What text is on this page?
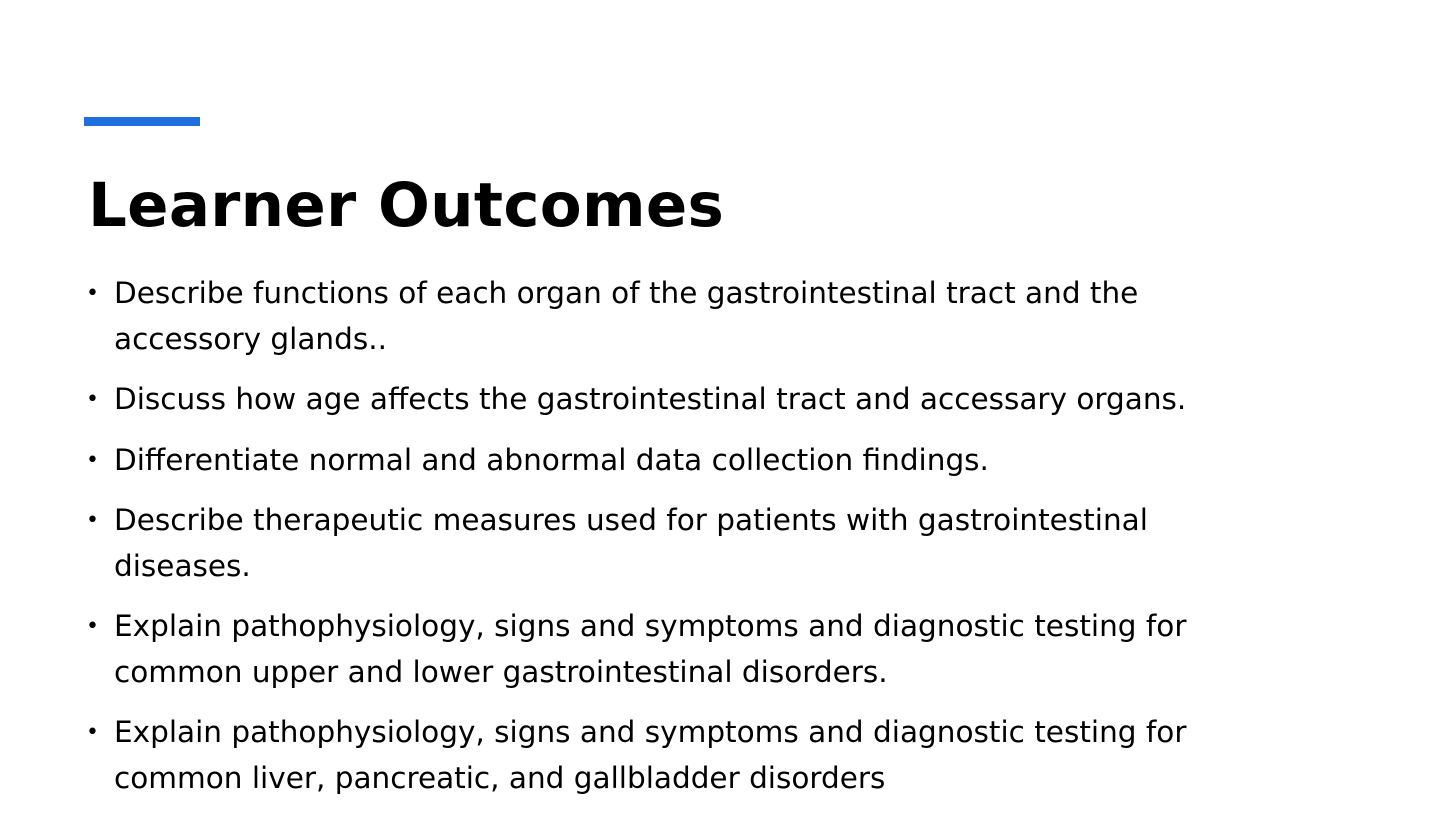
Learner Outcomes
• Describe functions of each organ of the gastrointestinal tract and the accessory glands..
• Discuss how age affects the gastrointestinal tract and accessary organs.
• Differentiate normal and abnormal data collection findings.
• Describe therapeutic measures used for patients with gastrointestinal diseases.
• Explain pathophysiology, signs and symptoms and diagnostic testing for common upper and lower gastrointestinal disorders.
• Explain pathophysiology, signs and symptoms and diagnostic testing for common liver, pancreatic, and gallbladder disorders
